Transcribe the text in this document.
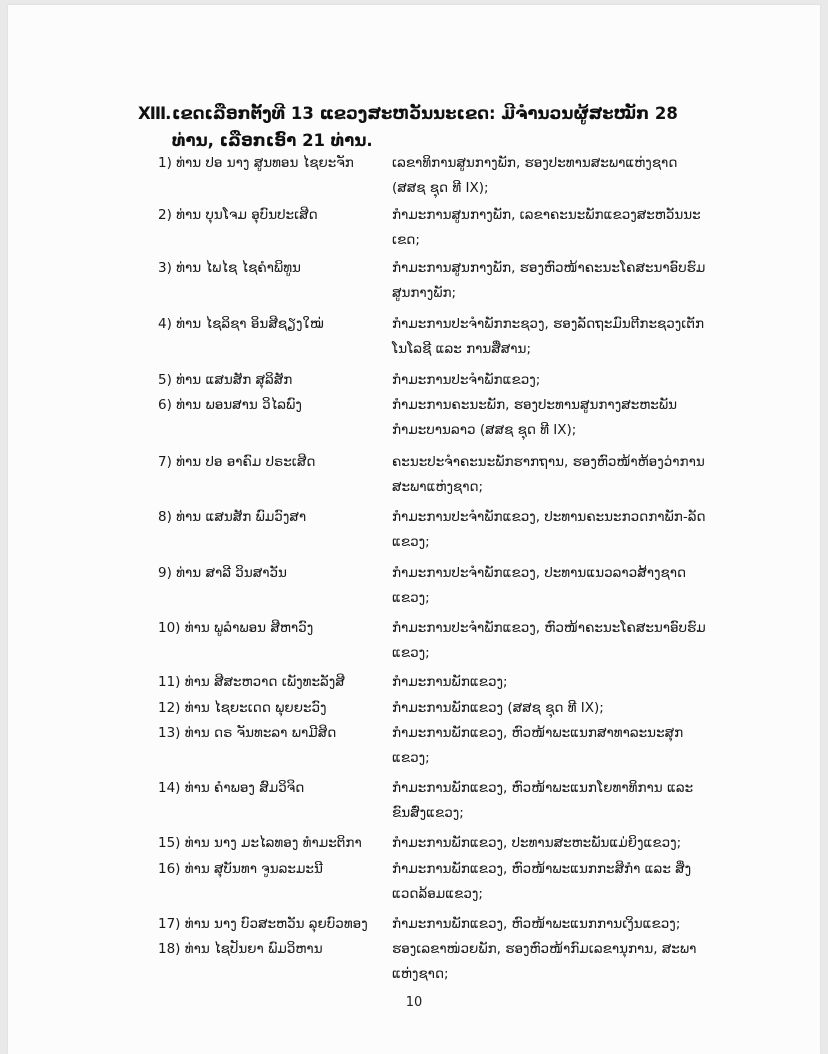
XIII. ເຂດເລືອກຕັ້ງທີ 13 ແຂວງສະຫວັນນະເຂດ: ມີຈຳນວນຜູ້ສະໝັກ 28 ທ່ານ, ເລືອກເອົາ 21 ທ່ານ.
1) ທ່ານ ປອ ນາງ ສູນທອນ ໄຊຍະຈັກ	ເລຂາທິການສູນກາງພັກ, ຮອງປະທານສະພາແຫ່ງຊາດ (ສສຊ ຊຸດ ທີ IX);
2) ທ່ານ ບຸນໂຈມ ອຸບົນປະເສີດ	ກຳມະການສູນກາງພັກ, ເລຂາຄະນະພັກແຂວງສະຫວັນນະເຂດ;
3) ທ່ານ ໄພໄຊ ໄຊຄຳພິທູນ	ກຳມະການສູນກາງພັກ, ຮອງຫົວໜ້າຄະນະໂຄສະນາອົບຮົມສູນກາງພັກ;
4) ທ່ານ ໄຊລິຊາ ອິນສີຊຽງໃໝ່	ກຳມະການປະຈຳພັກກະຊວງ, ຮອງລັດຖະມົນຕີກະຊວງເຕັກໂນໂລຊີ ແລະ ການສື່ສານ;
5) ທ່ານ ແສນສັກ ສຸລິສັກ	ກຳມະການປະຈຳພັກແຂວງ;
6) ທ່ານ ພອນສານ ວິໄລພົງ	ກຳມະການຄະນະພັກ, ຮອງປະທານສູນກາງສະຫະພັນກຳມະບານລາວ (ສສຊ ຊຸດ ທີ IX);
7) ທ່ານ ປອ ອາຄົມ ປຣະເສີດ	ຄະນະປະຈຳຄະນະພັກຮາກຖານ, ຮອງຫົວໜ້າຫ້ອງວ່າການສະພາແຫ່ງຊາດ;
8) ທ່ານ ແສນສັກ ພົມວົງສາ	ກຳມະການປະຈຳພັກແຂວງ, ປະທານຄະນະກວດກາພັກ-ລັດແຂວງ;
9) ທ່ານ ສາລີ ວິນສາວັນ	ກຳມະການປະຈຳພັກແຂວງ, ປະທານແນວລາວສ້າງຊາດແຂວງ;
10) ທ່ານ ພູລຳພອນ ສີຫາວົງ	ກຳມະການປະຈຳພັກແຂວງ, ຫົວໜ້າຄະນະໂຄສະນາອົບຮົມແຂວງ;
11) ທ່ານ ສີສະຫວາດ ເພັງທະລັງສີ	ກຳມະການພັກແຂວງ;
12) ທ່ານ ໄຊຍະເດດ ພຸຍຍະວົງ	ກຳມະການພັກແຂວງ (ສສຊ ຊຸດ ທີ IX);
13) ທ່ານ ດຣ ຈັນທະລາ ພາມີສິດ	ກຳມະການພັກແຂວງ, ຫົວໜ້າພະແນກສາທາລະນະສຸກແຂວງ;
14) ທ່ານ ຄຳພອງ ສົມວິຈິດ	ກຳມະການພັກແຂວງ, ຫົວໜ້າພະແນກໂຍທາທິການ ແລະ ຂົນສົ່ງແຂວງ;
15) ທ່ານ ນາງ ມະໄລທອງ ທຳມະຕິກາ	ກຳມະການພັກແຂວງ, ປະທານສະຫະພັນແມ່ຍິງແຂວງ;
16) ທ່ານ ສຸບັນທາ ຈູນລະມະນີ	ກຳມະການພັກແຂວງ, ຫົວໜ້າພະແນກກະສິກຳ ແລະ ສິ່ງ ແວດລ້ອມແຂວງ;
17) ທ່ານ ນາງ ບົວສະຫວັນ ລຸຍບົວທອງ	ກຳມະການພັກແຂວງ, ຫົວໜ້າພະແນກການເງິນແຂວງ;
18) ທ່ານ ໄຊປັນຍາ ພົມວິຫານ	ຮອງເລຂາໜ່ວຍພັກ, ຮອງຫົວໜ້າກົມເລຂານຸການ, ສະພາແຫ່ງຊາດ;
10
